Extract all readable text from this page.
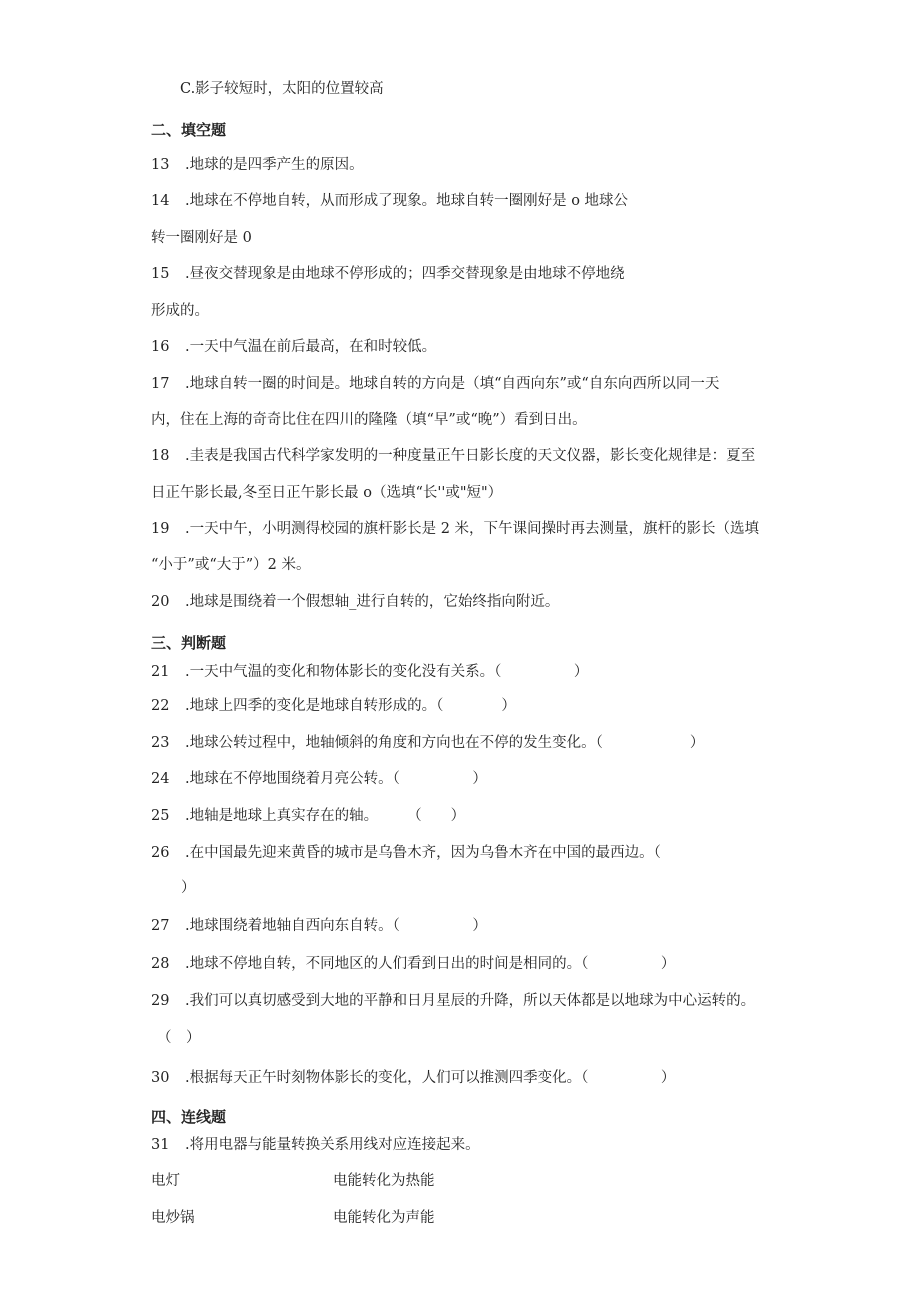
C.影子较短时，太阳的位置较高
二、填空题
13 .地球的是四季产生的原因。
14 .地球在不停地自转，从而形成了现象。地球自转一圈刚好是 o 地球公
转一圈刚好是 0
15 .昼夜交替现象是由地球不停形成的；四季交替现象是由地球不停地绕
形成的。
16 .一天中气温在前后最高，在和时较低。
17 .地球自转一圈的时间是。地球自转的方向是（填“自西向东”或“自东向西所以同一天
内，住在上海的奇奇比住在四川的隆隆（填“早”或“晚”）看到日出。
18 .圭表是我国古代科学家发明的一种度量正午日影长度的天文仪器，影长变化规律是：夏至
日正午影长最,冬至日正午影长最 o（选填“长''或"短"）
19 .一天中午，小明测得校园的旗杆影长是 2 米，下午课间操时再去测量，旗杆的影长（选填
“小于”或“大于”）2 米。
20 .地球是围绕着一个假想轴_进行自转的，它始终指向附近。
三、判断题
21 .一天中气温的变化和物体影长的变化没有关系。（　　　　　）
22 .地球上四季的变化是地球自转形成的。（　　　　）
23 .地球公转过程中，地轴倾斜的角度和方向也在不停的发生变化。（　　　　　　）
24 .地球在不停地围绕着月亮公转。（　　　　　）
25 .地轴是地球上真实存在的轴。　　　（　　）
26 .在中国最先迎来黄昏的城市是乌鲁木齐，因为乌鲁木齐在中国的最西边。（
）
27 .地球围绕着地轴自西向东自转。（　　　　　）
28 .地球不停地自转，不同地区的人们看到日出的时间是相同的。（　　　　　）
29 .我们可以真切感受到大地的平静和日月星辰的升降，所以天体都是以地球为中心运转的。
（　）
30 .根据每天正午时刻物体影长的变化，人们可以推测四季变化。（　　　　　）
四、连线题
31 .将用电器与能量转换关系用线对应连接起来。
电灯	电能转化为热能
电炒锅	电能转化为声能
